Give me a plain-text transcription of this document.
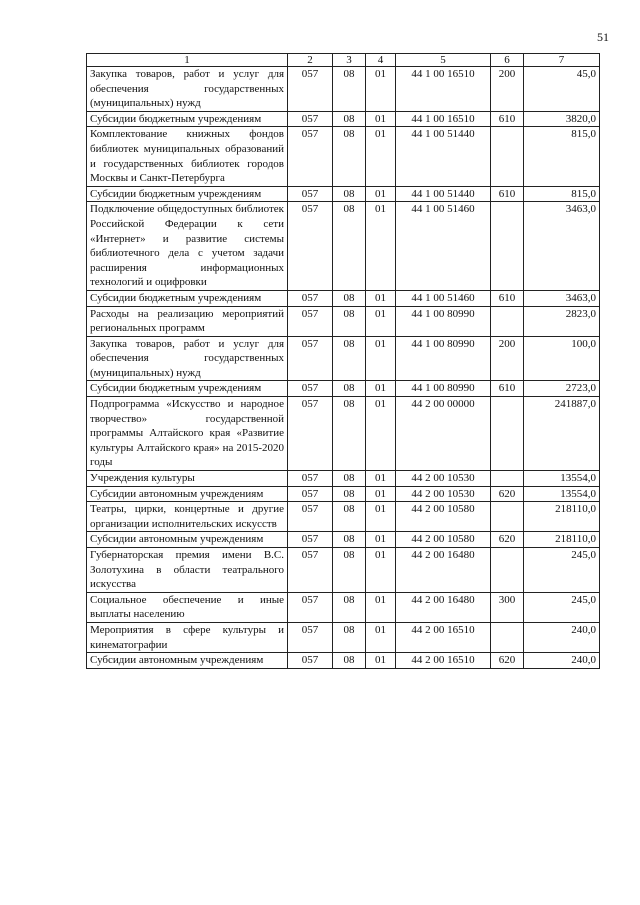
51
1	2	3	4	5	6	7
Закупка товаров, работ и услуг для обеспечения государственных (муниципальных) нужд	057	08	01	44 1 00 16510	200	45,0
Субсидии бюджетным учреждениям	057	08	01	44 1 00 16510	610	3820,0
Комплектование книжных фондов библиотек муниципальных образований и государственных библиотек городов Москвы и Санкт-Петербурга	057	08	01	44 1 00 51440		815,0
Субсидии бюджетным учреждениям	057	08	01	44 1 00 51440	610	815,0
Подключение общедоступных библиотек Российской Федерации к сети «Интернет» и развитие системы библиотечного дела с учетом задачи расширения информационных технологий и оцифровки	057	08	01	44 1 00 51460		3463,0
Субсидии бюджетным учреждениям	057	08	01	44 1 00 51460	610	3463,0
Расходы на реализацию мероприятий региональных программ	057	08	01	44 1 00 80990		2823,0
Закупка товаров, работ и услуг для обеспечения государственных (муниципальных) нужд	057	08	01	44 1 00 80990	200	100,0
Субсидии бюджетным учреждениям	057	08	01	44 1 00 80990	610	2723,0
Подпрограмма «Искусство и народное творчество» государственной программы Алтайского края «Развитие культуры Алтайского края» на 2015-2020 годы	057	08	01	44 2 00 00000		241887,0
Учреждения культуры	057	08	01	44 2 00 10530		13554,0
Субсидии автономным учреждениям	057	08	01	44 2 00 10530	620	13554,0
Театры, цирки, концертные и другие организации исполнительских искусств	057	08	01	44 2 00 10580		218110,0
Субсидии автономным учреждениям	057	08	01	44 2 00 10580	620	218110,0
Губернаторская премия имени В.С. Золотухина в области театрального искусства	057	08	01	44 2 00 16480		245,0
Социальное обеспечение и иные выплаты населению	057	08	01	44 2 00 16480	300	245,0
Мероприятия в сфере культуры и кинематографии	057	08	01	44 2 00 16510		240,0
Субсидии автономным учреждениям	057	08	01	44 2 00 16510	620	240,0
